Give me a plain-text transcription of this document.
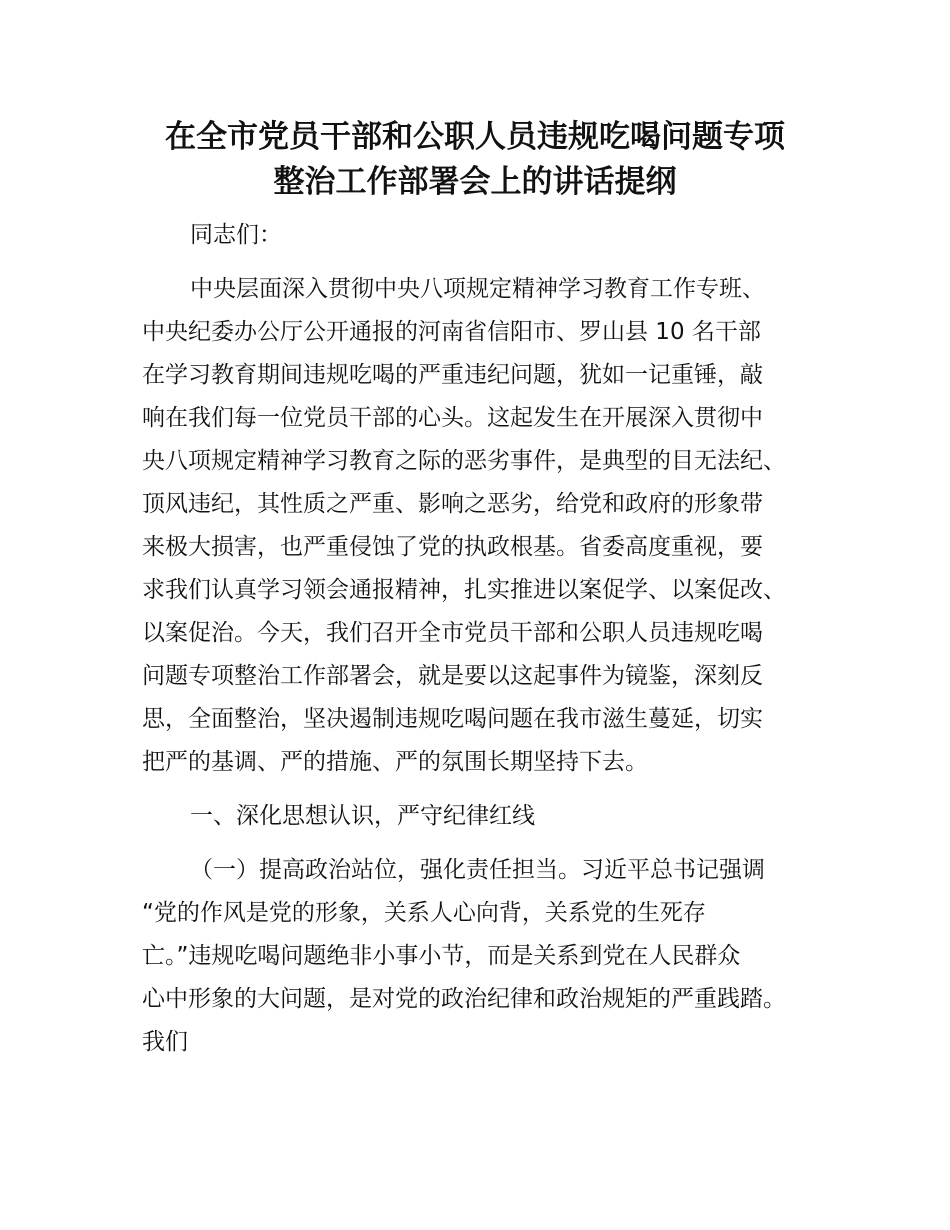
在全市党员干部和公职人员违规吃喝问题专项
整治工作部署会上的讲话提纲

同志们：

中央层面深入贯彻中央八项规定精神学习教育工作专班、

中央纪委办公厅公开通报的河南省信阳市、罗山县 10 名干部

在学习教育期间违规吃喝的严重违纪问题，犹如一记重锤，敲

响在我们每一位党员干部的心头。这起发生在开展深入贯彻中

央八项规定精神学习教育之际的恶劣事件，是典型的目无法纪、

顶风违纪，其性质之严重、影响之恶劣，给党和政府的形象带

来极大损害，也严重侵蚀了党的执政根基。省委高度重视，要

求我们认真学习领会通报精神，扎实推进以案促学、以案促改、

以案促治。今天，我们召开全市党员干部和公职人员违规吃喝

问题专项整治工作部署会，就是要以这起事件为镜鉴，深刻反

思，全面整治，坚决遏制违规吃喝问题在我市滋生蔓延，切实

把严的基调、严的措施、严的氛围长期坚持下去。

一、深化思想认识，严守纪律红线

（一）提高政治站位，强化责任担当。习近平总书记强调

“党的作风是党的形象，关系人心向背，关系党的生死存

亡。”违规吃喝问题绝非小事小节，而是关系到党在人民群众

心中形象的大问题，是对党的政治纪律和政治规矩的严重践踏。

我们
